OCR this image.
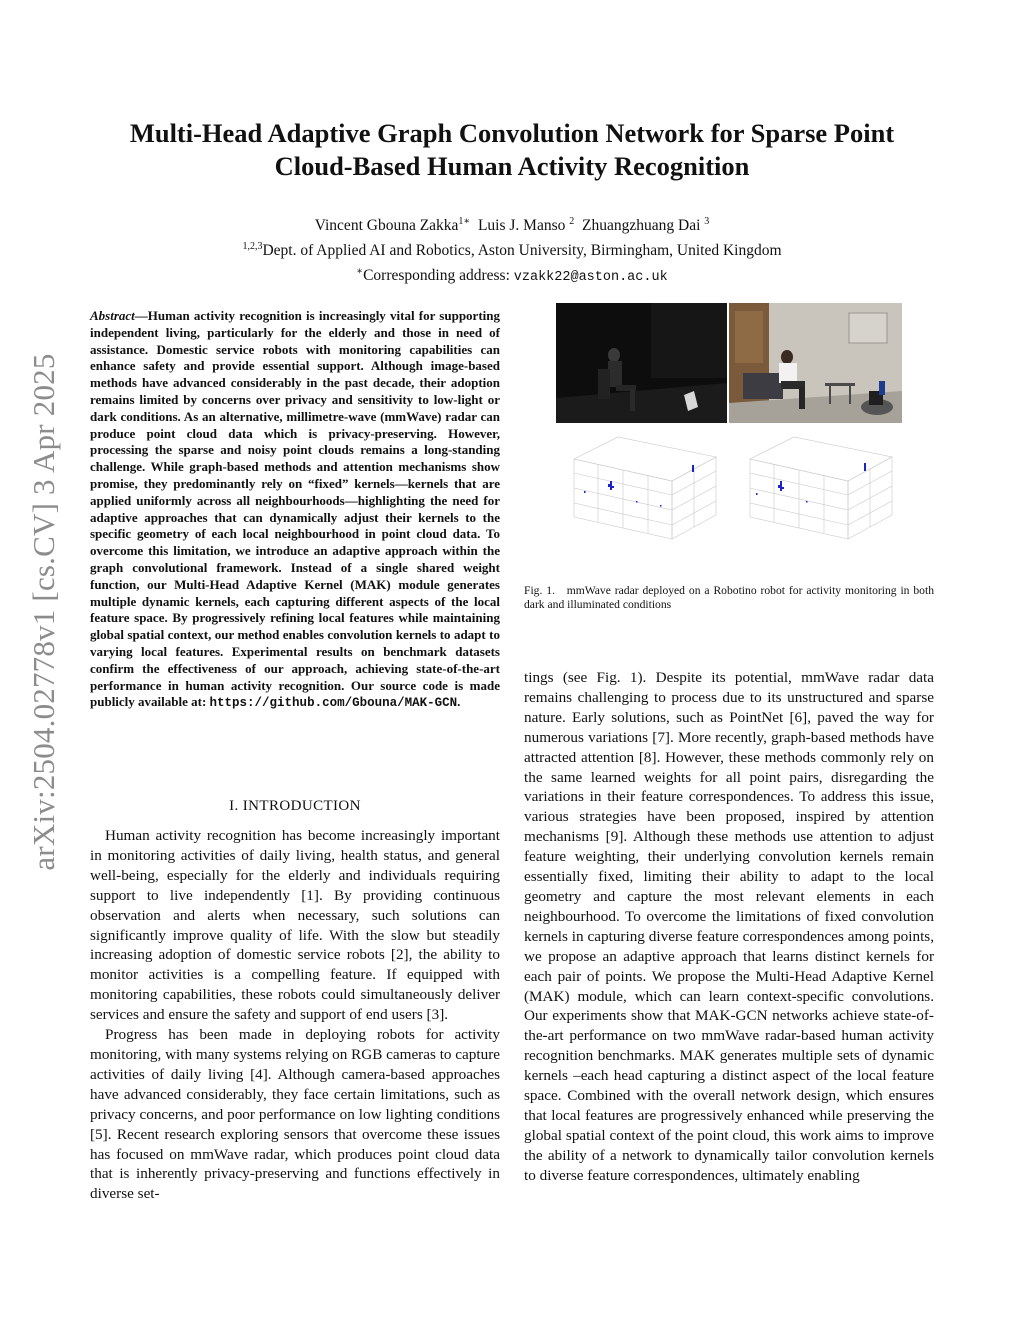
arXiv:2504.02778v1 [cs.CV] 3 Apr 2025
Multi-Head Adaptive Graph Convolution Network for Sparse Point
Cloud-Based Human Activity Recognition
Vincent Gbouna Zakka$^{1∗}$ Luis J. Manso $^2$ Zhuangzhuang Dai $^3$
$^{1,2,3}$Dept. of Applied AI and Robotics, Aston University, Birmingham, United Kingdom
∗Corresponding address: vzakk22@aston.ac.uk
Abstract—Human activity recognition is increasingly vital for supporting independent living, particularly for the elderly and those in need of assistance. Domestic service robots with monitoring capabilities can enhance safety and provide essential support. Although image-based methods have advanced considerably in the past decade, their adoption remains limited by concerns over privacy and sensitivity to low-light or dark conditions. As an alternative, millimetre-wave (mmWave) radar can produce point cloud data which is privacy-preserving. However, processing the sparse and noisy point clouds remains a long-standing challenge. While graph-based methods and attention mechanisms show promise, they predominantly rely on “fixed” kernels—kernels that are applied uniformly across all neighbourhoods—highlighting the need for adaptive approaches that can dynamically adjust their kernels to the specific geometry of each local neighbourhood in point cloud data. To overcome this limitation, we introduce an adaptive approach within the graph convolutional framework. Instead of a single shared weight function, our Multi-Head Adaptive Kernel (MAK) module generates multiple dynamic kernels, each capturing different aspects of the local feature space. By progressively refining local features while maintaining global spatial context, our method enables convolution kernels to adapt to varying local features. Experimental results on benchmark datasets confirm the effectiveness of our approach, achieving state-of-the-art performance in human activity recognition. Our source code is made publicly available at: https://github.com/Gbouna/MAK-GCN.
I. INTRODUCTION

Human activity recognition has become increasingly important in monitoring activities of daily living, health status, and general well-being, especially for the elderly and individuals requiring support to live independently [1]. By providing continuous observation and alerts when necessary, such solutions can significantly improve quality of life. With the slow but steadily increasing adoption of domestic service robots [2], the ability to monitor activities is a compelling feature. If equipped with monitoring capabilities, these robots could simultaneously deliver services and ensure the safety and support of end users [3].

Progress has been made in deploying robots for activity monitoring, with many systems relying on RGB cameras to capture activities of daily living [4]. Although camera-based approaches have advanced considerably, they face certain limitations, such as privacy concerns, and poor performance on low lighting conditions [5]. Recent research exploring sensors that overcome these issues has focused on mmWave radar, which produces point cloud data that is inherently privacy-preserving and functions effectively in diverse set-

Fig. 1. mmWave radar deployed on a Robotino robot for activity monitoring in both dark and illuminated conditions

tings (see Fig. 1). Despite its potential, mmWave radar data remains challenging to process due to its unstructured and sparse nature. Early solutions, such as PointNet [6], paved the way for numerous variations [7]. More recently, graph-based methods have attracted attention [8]. However, these methods commonly rely on the same learned weights for all point pairs, disregarding the variations in their feature correspondences. To address this issue, various strategies have been proposed, inspired by attention mechanisms [9]. Although these methods use attention to adjust feature weighting, their underlying convolution kernels remain essentially fixed, limiting their ability to adapt to the local geometry and capture the most relevant elements in each neighbourhood. To overcome the limitations of fixed convolution kernels in capturing diverse feature correspondences among points, we propose an adaptive approach that learns distinct kernels for each pair of points. We propose the Multi-Head Adaptive Kernel (MAK) module, which can learn context-specific convolutions. Our experiments show that MAK-GCN networks achieve state-of-the-art performance on two mmWave radar-based human activity recognition benchmarks. MAK generates multiple sets of dynamic kernels –each head capturing a distinct aspect of the local feature space. Combined with the overall network design, which ensures that local features are progressively enhanced while preserving the global spatial context of the point cloud, this work aims to improve the ability of a network to dynamically tailor convolution kernels to diverse feature correspondences, ultimately enabling
